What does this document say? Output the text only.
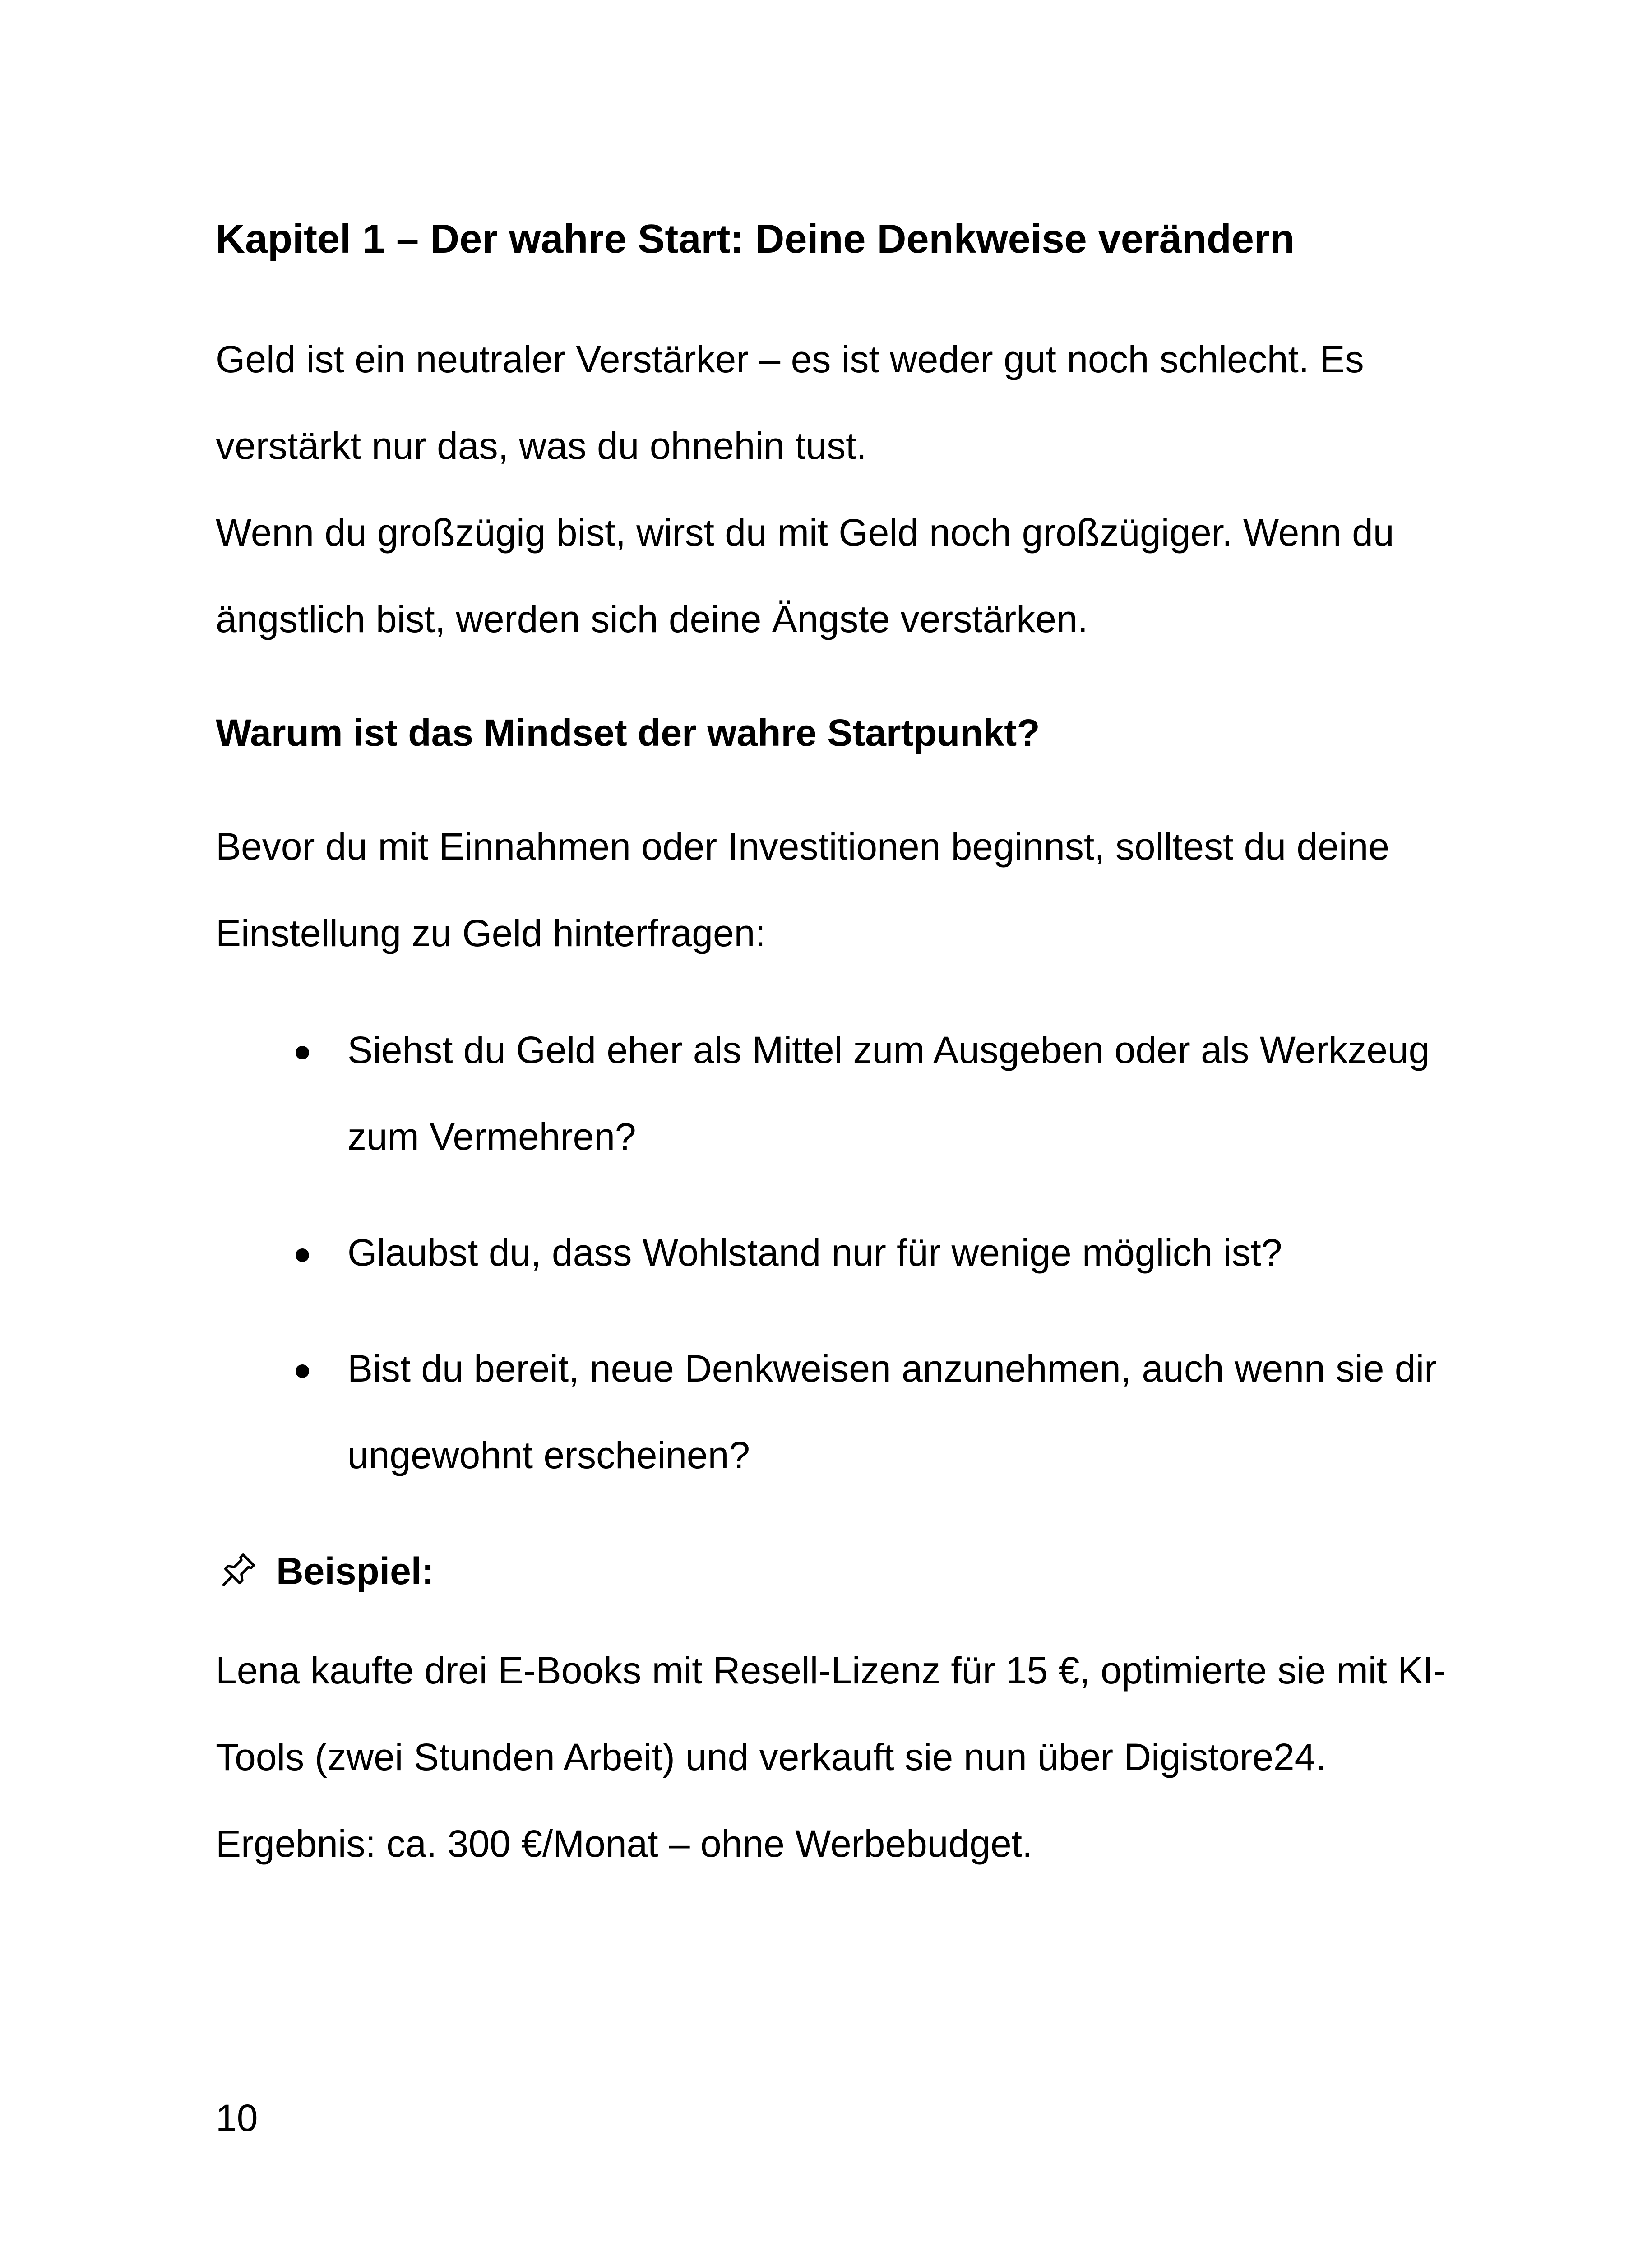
Kapitel 1 – Der wahre Start: Deine Denkweise verändern
Geld ist ein neutraler Verstärker – es ist weder gut noch schlecht. Es
verstärkt nur das, was du ohnehin tust.
Wenn du großzügig bist, wirst du mit Geld noch großzügiger. Wenn du
ängstlich bist, werden sich deine Ängste verstärken.
Warum ist das Mindset der wahre Startpunkt?
Bevor du mit Einnahmen oder Investitionen beginnst, solltest du deine
Einstellung zu Geld hinterfragen:
Siehst du Geld eher als Mittel zum Ausgeben oder als Werkzeug
zum Vermehren?
Glaubst du, dass Wohlstand nur für wenige möglich ist?
Bist du bereit, neue Denkweisen anzunehmen, auch wenn sie dir
ungewohnt erscheinen?
Beispiel:
Lena kaufte drei E-Books mit Resell-Lizenz für 15 €, optimierte sie mit KI-
Tools (zwei Stunden Arbeit) und verkauft sie nun über Digistore24.
Ergebnis: ca. 300 €/Monat – ohne Werbebudget.
10
